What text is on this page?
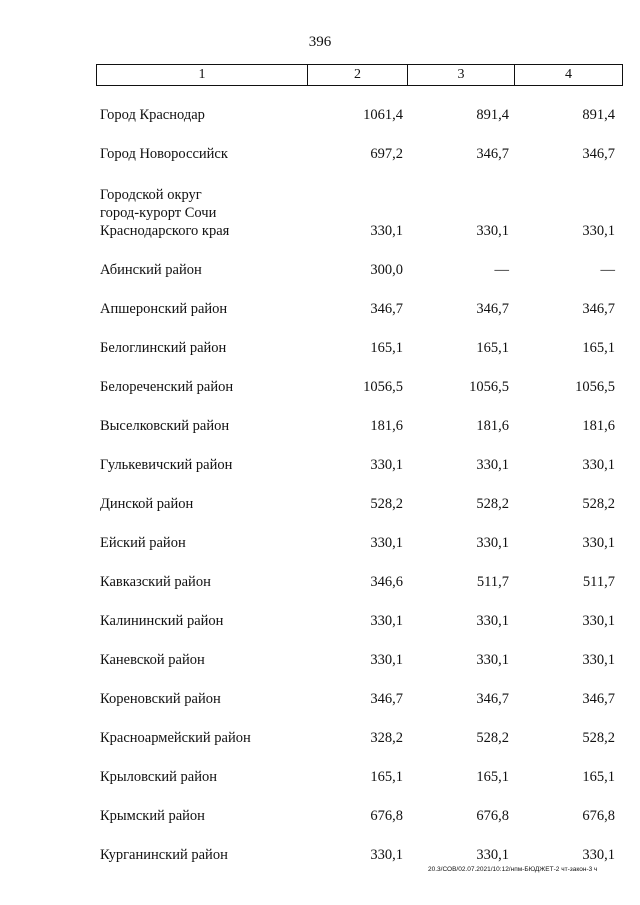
396
1	2	3	4
Город Краснодар	1061,4	891,4	891,4
Город Новороссийск	697,2	346,7	346,7
Городской округ
город-курорт Сочи
Краснодарского края	330,1	330,1	330,1
Абинский район	300,0	—	—
Апшеронский район	346,7	346,7	346,7
Белоглинский район	165,1	165,1	165,1
Белореченский район	1056,5	1056,5	1056,5
Выселковский район	181,6	181,6	181,6
Гулькевичский район	330,1	330,1	330,1
Динской район	528,2	528,2	528,2
Ейский район	330,1	330,1	330,1
Кавказский район	346,6	511,7	511,7
Калининский район	330,1	330,1	330,1
Каневской район	330,1	330,1	330,1
Кореновский район	346,7	346,7	346,7
Красноармейский район	328,2	528,2	528,2
Крыловский район	165,1	165,1	165,1
Крымский район	676,8	676,8	676,8
Курганинский район	330,1	330,1	330,1
20.3/СОВ/02.07.2021/10:12/нпм-БЮДЖЕТ-2 чт-закон-3 ч
